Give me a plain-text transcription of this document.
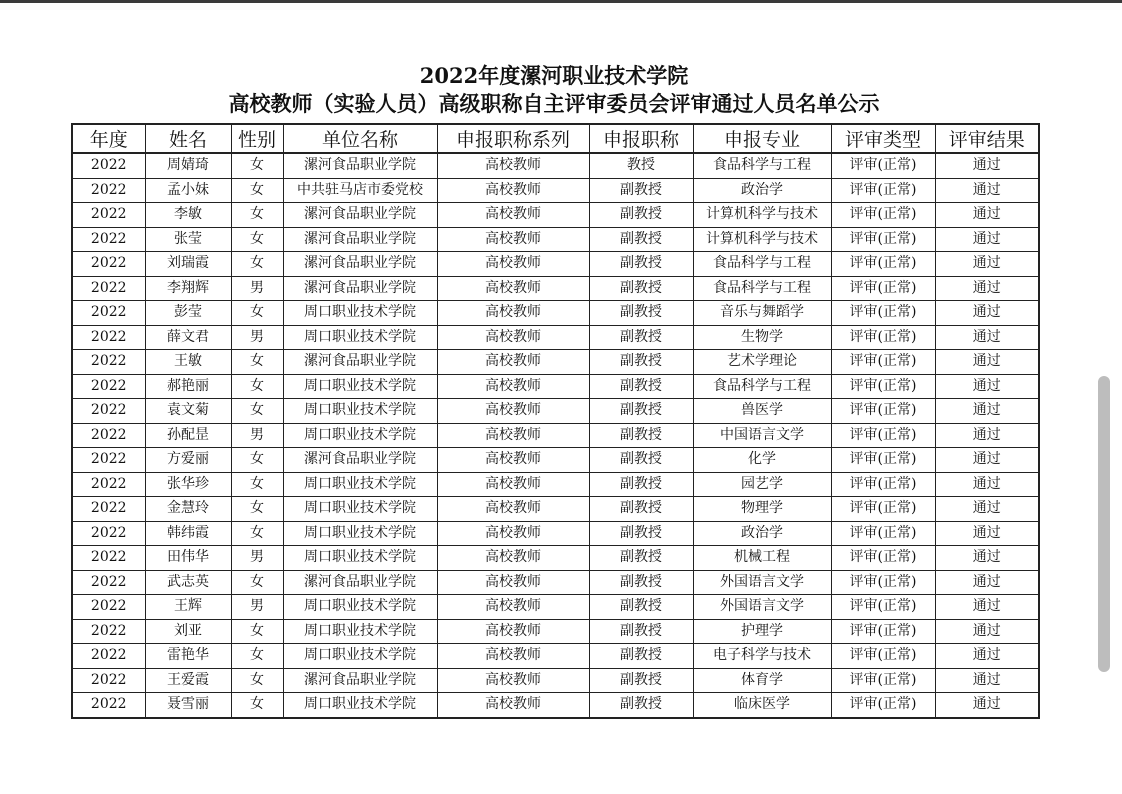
2022年度漯河职业技术学院
高校教师（实验人员）高级职称自主评审委员会评审通过人员名单公示
年度	姓名	性别	单位名称	申报职称系列	申报职称	申报专业	评审类型	评审结果
2022	周婧琦	女	漯河食品职业学院	高校教师	教授	食品科学与工程	评审(正常)	通过
2022	孟小妹	女	中共驻马店市委党校	高校教师	副教授	政治学	评审(正常)	通过
2022	李敏	女	漯河食品职业学院	高校教师	副教授	计算机科学与技术	评审(正常)	通过
2022	张莹	女	漯河食品职业学院	高校教师	副教授	计算机科学与技术	评审(正常)	通过
2022	刘瑞霞	女	漯河食品职业学院	高校教师	副教授	食品科学与工程	评审(正常)	通过
2022	李翔辉	男	漯河食品职业学院	高校教师	副教授	食品科学与工程	评审(正常)	通过
2022	彭莹	女	周口职业技术学院	高校教师	副教授	音乐与舞蹈学	评审(正常)	通过
2022	薛文君	男	周口职业技术学院	高校教师	副教授	生物学	评审(正常)	通过
2022	王敏	女	漯河食品职业学院	高校教师	副教授	艺术学理论	评审(正常)	通过
2022	郝艳丽	女	周口职业技术学院	高校教师	副教授	食品科学与工程	评审(正常)	通过
2022	袁文菊	女	周口职业技术学院	高校教师	副教授	兽医学	评审(正常)	通过
2022	孙配昰	男	周口职业技术学院	高校教师	副教授	中国语言文学	评审(正常)	通过
2022	方爱丽	女	漯河食品职业学院	高校教师	副教授	化学	评审(正常)	通过
2022	张华珍	女	周口职业技术学院	高校教师	副教授	园艺学	评审(正常)	通过
2022	金慧玲	女	周口职业技术学院	高校教师	副教授	物理学	评审(正常)	通过
2022	韩纬霞	女	周口职业技术学院	高校教师	副教授	政治学	评审(正常)	通过
2022	田伟华	男	周口职业技术学院	高校教师	副教授	机械工程	评审(正常)	通过
2022	武志英	女	漯河食品职业学院	高校教师	副教授	外国语言文学	评审(正常)	通过
2022	王辉	男	周口职业技术学院	高校教师	副教授	外国语言文学	评审(正常)	通过
2022	刘亚	女	周口职业技术学院	高校教师	副教授	护理学	评审(正常)	通过
2022	雷艳华	女	周口职业技术学院	高校教师	副教授	电子科学与技术	评审(正常)	通过
2022	王爱霞	女	漯河食品职业学院	高校教师	副教授	体育学	评审(正常)	通过
2022	聂雪丽	女	周口职业技术学院	高校教师	副教授	临床医学	评审(正常)	通过
